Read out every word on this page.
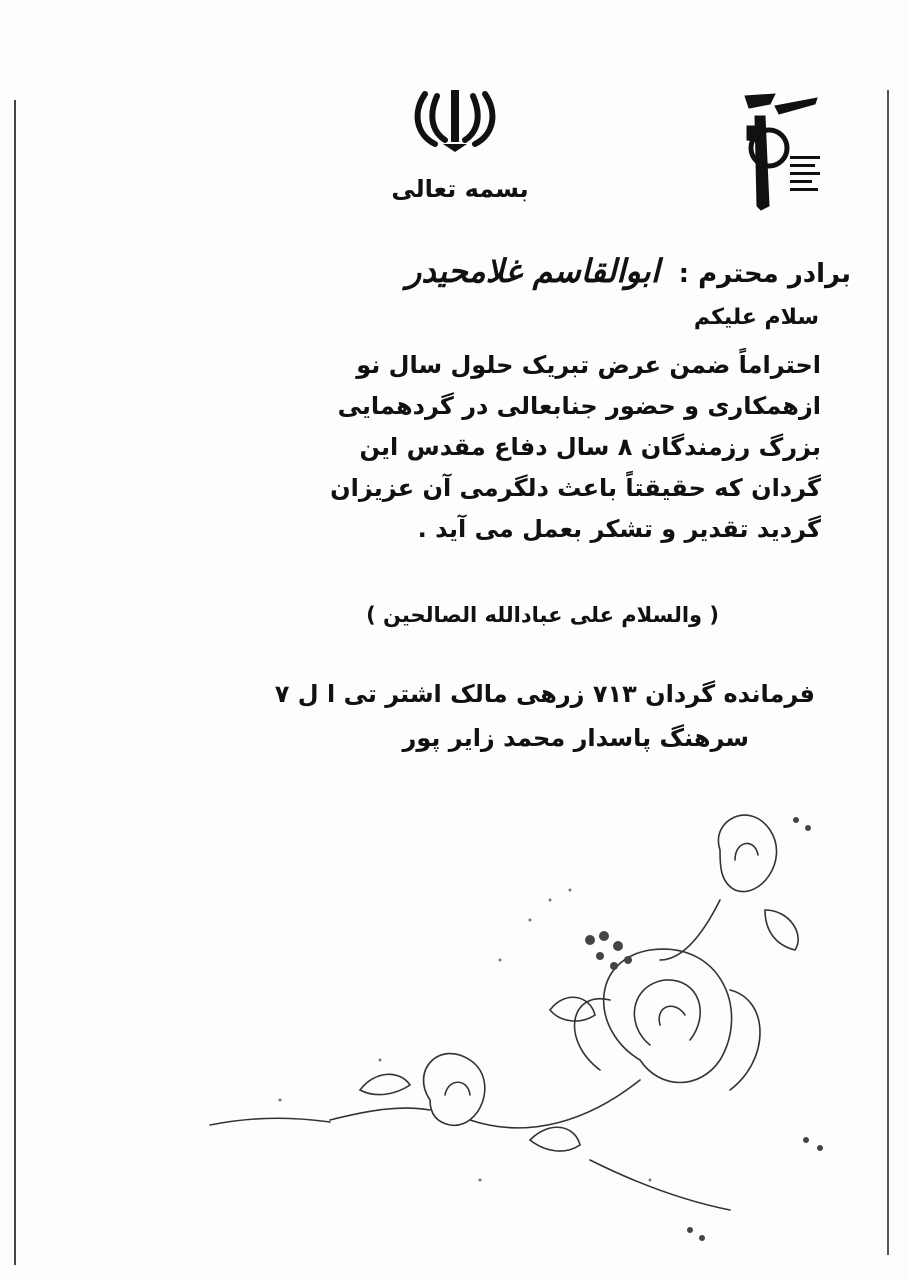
بسمه تعالی
برادر محترم : ابوالقاسم غلامحیدر
سلام علیکم
احتراماً ضمن عرض تبریک حلول سال نو
ازهمکاری و حضور جنابعالی در گردهمایی
بزرگ رزمندگان ۸ سال دفاع مقدس این
گردان که حقیقتاً باعث دلگرمی آن عزیزان
گردید تقدیر و تشکر بعمل می آید .
( والسلام علی عبادالله الصالحین )
فرمانده گردان ۷۱۳ زرهی مالک اشتر تی ا ل ۷
سرهنگ پاسدار محمد زایر پور
